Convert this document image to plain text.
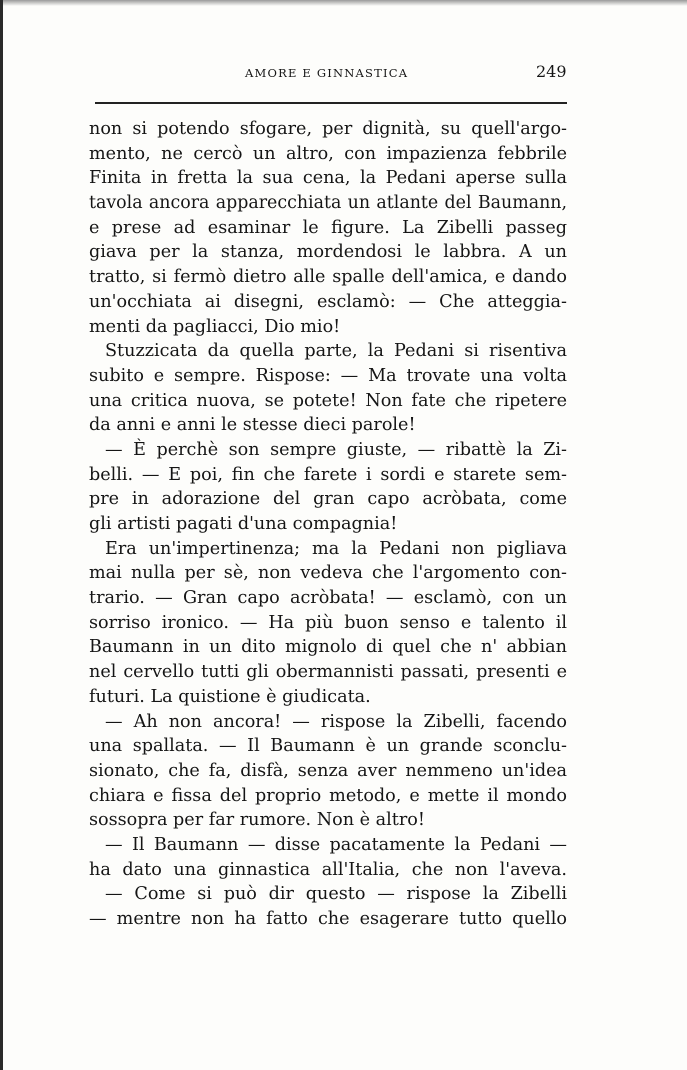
AMORE E GINNASTICA	249
non si potendo sfogare, per dignità, su quell'argo-
mento, ne cercò un altro, con impazienza febbrile
Finita in fretta la sua cena, la Pedani aperse sulla
tavola ancora apparecchiata un atlante del Baumann,
e prese ad esaminar le figure. La Zibelli passeg
giava per la stanza, mordendosi le labbra. A un
tratto, si fermò dietro alle spalle dell'amica, e dando
un'occhiata ai disegni, esclamò: — Che atteggia-
menti da pagliacci, Dio mio!
Stuzzicata da quella parte, la Pedani si risentiva
subito e sempre. Rispose: — Ma trovate una volta
una critica nuova, se potete! Non fate che ripetere
da anni e anni le stesse dieci parole!
— È perchè son sempre giuste, — ribattè la Zi-
belli. — E poi, fin che farete i sordi e starete sem-
pre in adorazione del gran capo acròbata, come
gli artisti pagati d'una compagnia!
Era un'impertinenza; ma la Pedani non pigliava
mai nulla per sè, non vedeva che l'argomento con-
trario. — Gran capo acròbata! — esclamò, con un
sorriso ironico. — Ha più buon senso e talento il
Baumann in un dito mignolo di quel che n' abbian
nel cervello tutti gli obermannisti passati, presenti e
futuri. La quistione è giudicata.
— Ah non ancora! — rispose la Zibelli, facendo
una spallata. — Il Baumann è un grande sconclu-
sionato, che fa, disfà, senza aver nemmeno un'idea
chiara e fissa del proprio metodo, e mette il mondo
sossopra per far rumore. Non è altro!
— Il Baumann — disse pacatamente la Pedani —
ha dato una ginnastica all'Italia, che non l'aveva.
— Come si può dir questo — rispose la Zibelli
— mentre non ha fatto che esagerare tutto quello
